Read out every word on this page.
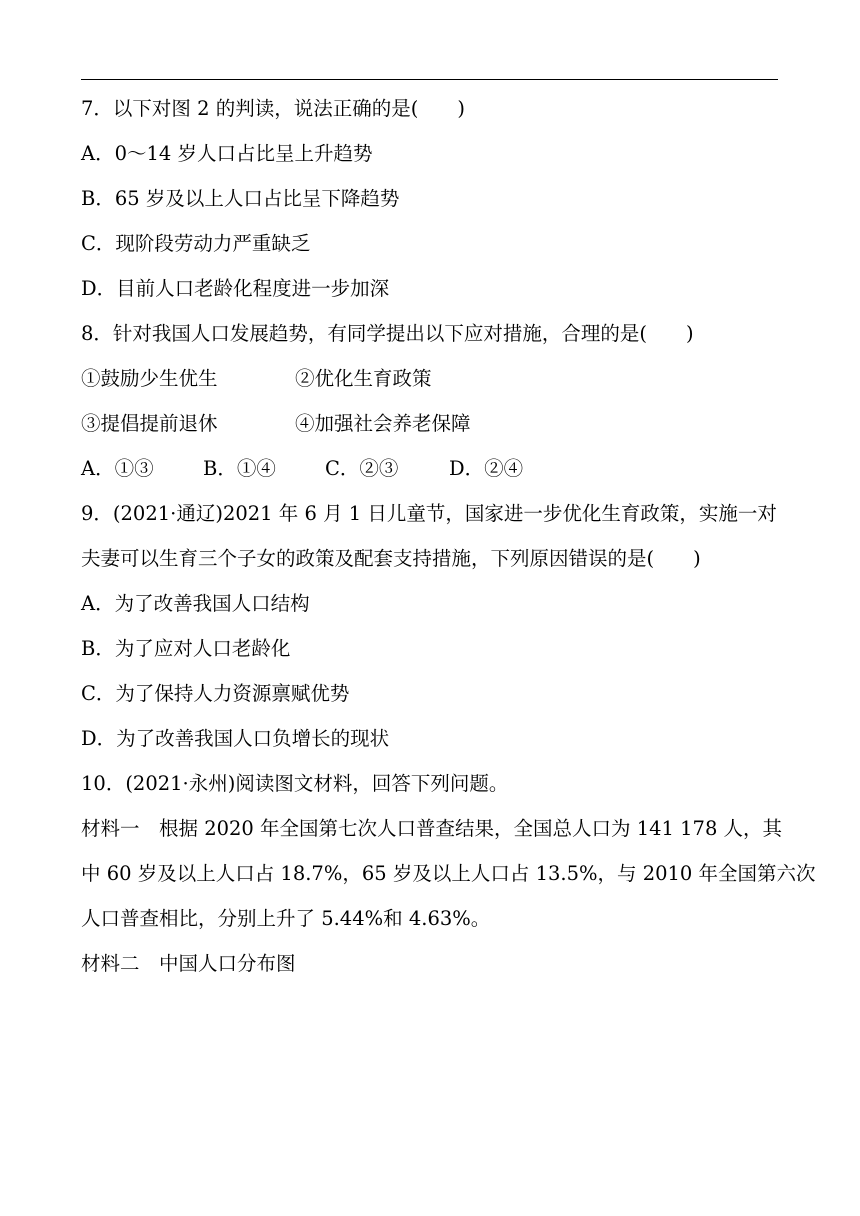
7．以下对图 2 的判读，说法正确的是(　　)
A．0～14 岁人口占比呈上升趋势
B．65 岁及以上人口占比呈下降趋势
C．现阶段劳动力严重缺乏
D．目前人口老龄化程度进一步加深
8．针对我国人口发展趋势，有同学提出以下应对措施，合理的是(　　)
①鼓励少生优生	②优化生育政策
③提倡提前退休	④加强社会养老保障
A．①③	B．①④	C．②③	D．②④
9．(2021·通辽)2021 年 6 月 1 日儿童节，国家进一步优化生育政策，实施一对
夫妻可以生育三个子女的政策及配套支持措施，下列原因错误的是(　　)
A．为了改善我国人口结构
B．为了应对人口老龄化
C．为了保持人力资源禀赋优势
D．为了改善我国人口负增长的现状
10．(2021·永州)阅读图文材料，回答下列问题。
材料一　根据 2020 年全国第七次人口普查结果，全国总人口为 141 178 人，其
中 60 岁及以上人口占 18.7%，65 岁及以上人口占 13.5%，与 2010 年全国第六次
人口普查相比，分别上升了 5.44%和 4.63%。
材料二　中国人口分布图
